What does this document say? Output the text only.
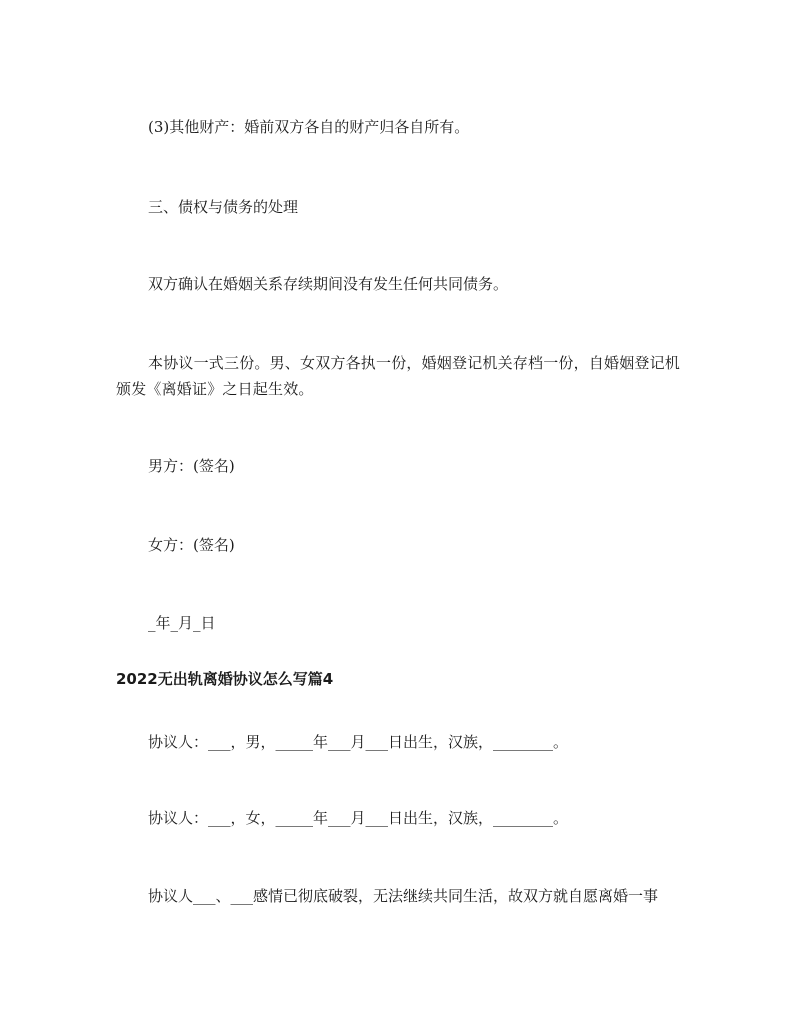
(3)其他财产：婚前双方各自的财产归各自所有。
三、债权与债务的处理
双方确认在婚姻关系存续期间没有发生任何共同债务。
本协议一式三份。男、女双方各执一份，婚姻登记机关存档一份，自婚姻登记机颁发《离婚证》之日起生效。
男方：(签名)
女方：(签名)
_年_月_日
2022无出轨离婚协议怎么写篇4
协议人：___，男，_____年___月___日出生，汉族，________。
协议人：___，女，_____年___月___日出生，汉族，________。
协议人___、___感情已彻底破裂，无法继续共同生活，故双方就自愿离婚一事
